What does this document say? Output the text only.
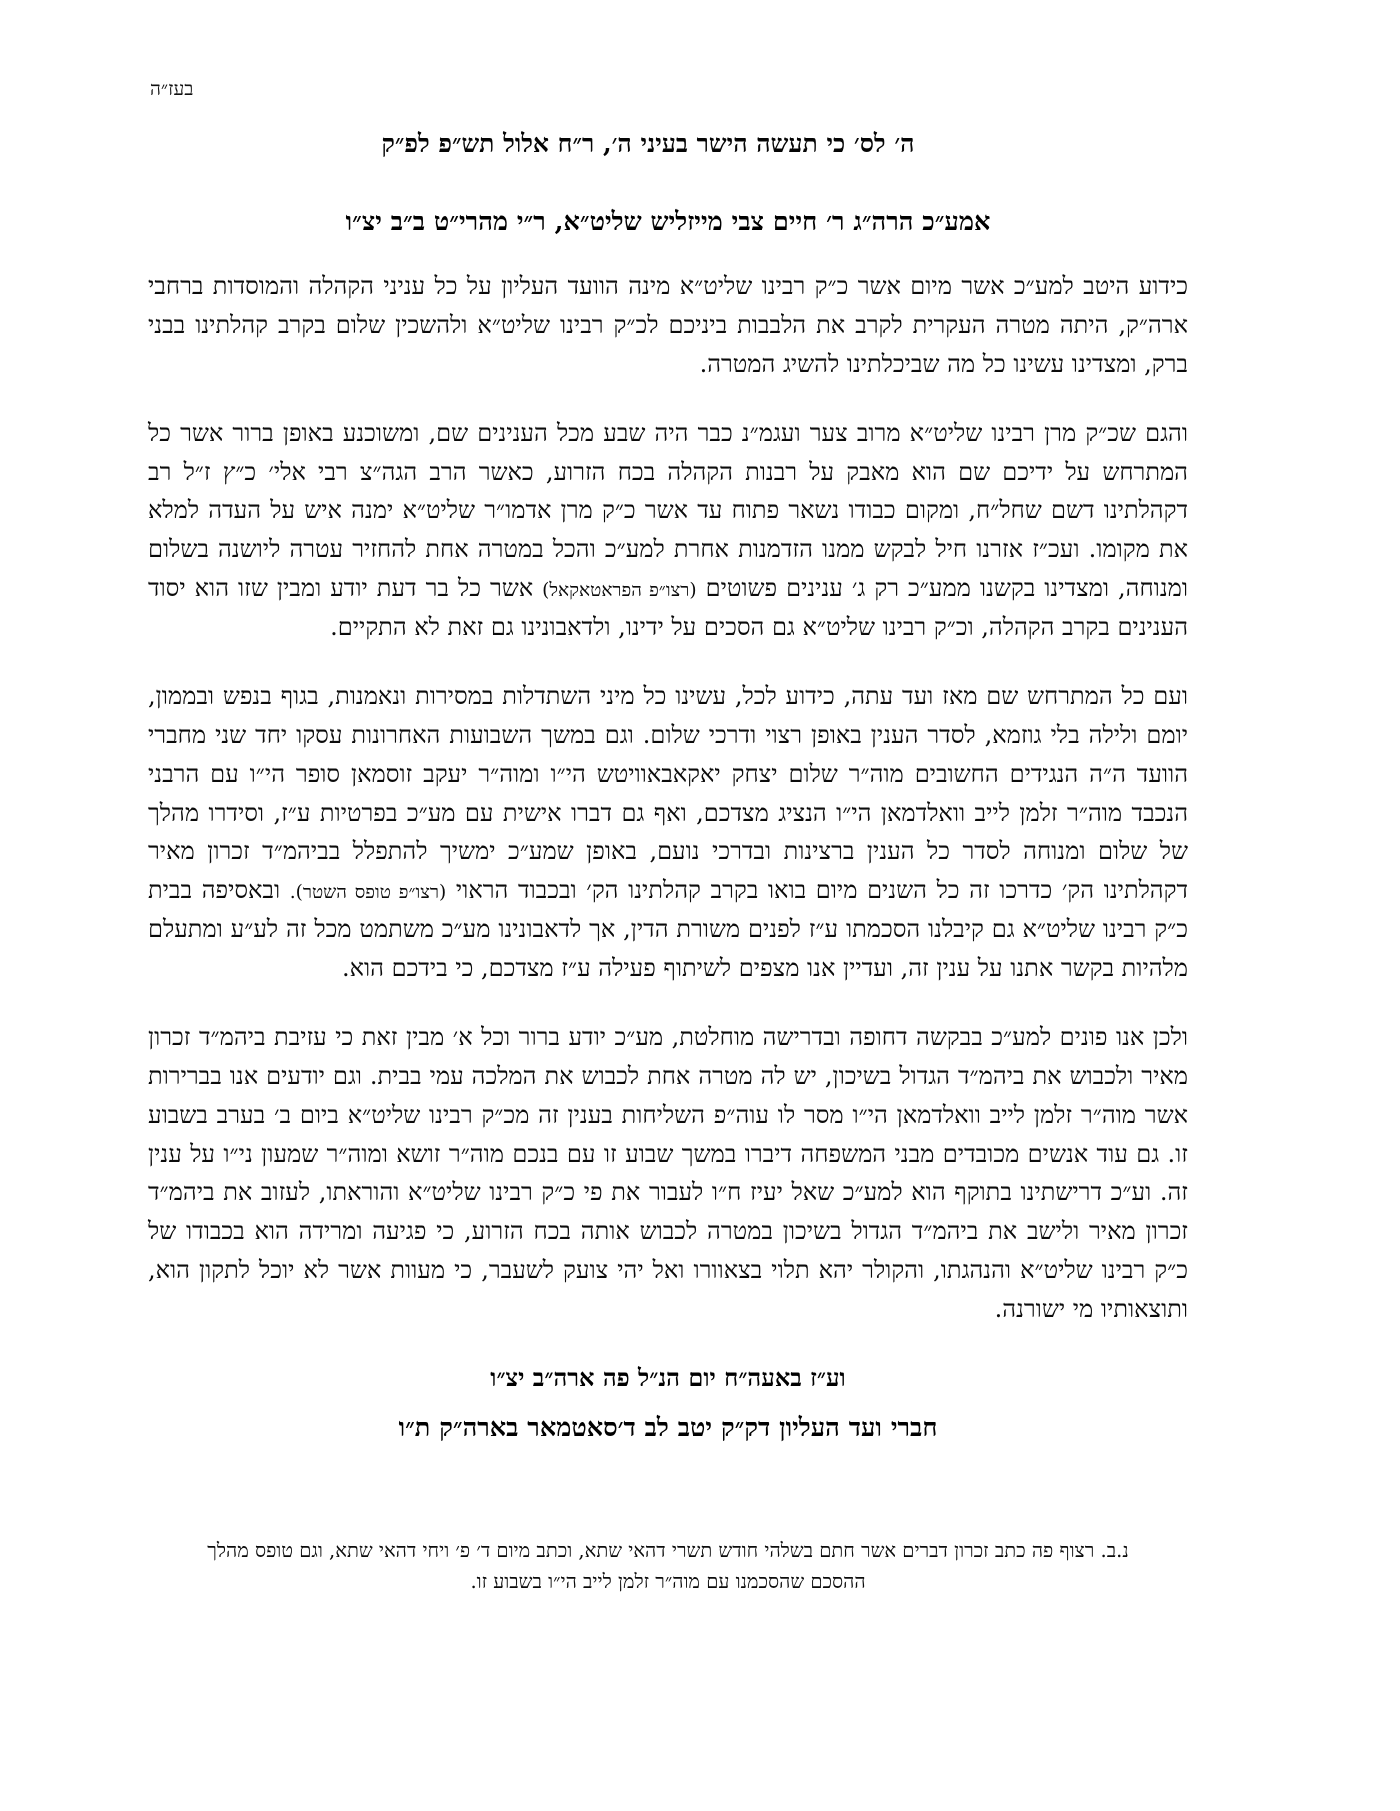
בעז״ה
ה׳ לס׳ כי תעשה הישר בעיני ה׳, ר״ח אלול תש״פ לפ״ק
אמע״כ הרה״ג ר׳ חיים צבי מייזליש שליט״א, ר״י מהרי״ט ב״ב יצ״ו

כידוע היטב למע״כ אשר מיום אשר כ״ק רבינו שליט״א מינה הוועד העליון על כל עניני הקהלה והמוסדות ברחבי ארה״ק, היתה מטרה העקרית לקרב את הלבבות ביניכם לכ״ק רבינו שליט״א ולהשכין שלום בקרב קהלתינו בבני ברק, ומצדינו עשינו כל מה שביכלתינו להשיג המטרה.

והגם שכ״ק מרן רבינו שליט״א מרוב צער ועגמ״נ כבר היה שבע מכל הענינים שם, ומשוכנע באופן ברור אשר כל המתרחש על ידיכם שם הוא מאבק על רבנות הקהלה בכח הזרוע, כאשר הרב הגה״צ רבי אלי׳ כ״ץ ז״ל רב דקהלתינו דשם שחל״ח, ומקום כבודו נשאר פתוח עד אשר כ״ק מרן אדמו״ר שליט״א ימנה איש על העדה למלא את מקומו. ועכ״ז אזרנו חיל לבקש ממנו הזדמנות אחרת למע״כ והכל במטרה אחת להחזיר עטרה ליושנה בשלום ומנוחה, ומצדינו בקשנו ממע״כ רק ג׳ ענינים פשוטים (רצו״פ הפראטאקאל) אשר כל בר דעת יודע ומבין שזו הוא יסוד הענינים בקרב הקהלה, וכ״ק רבינו שליט״א גם הסכים על ידינו, ולדאבונינו גם זאת לא התקיים.

ועם כל המתרחש שם מאז ועד עתה, כידוע לכל, עשינו כל מיני השתדלות במסירות ונאמנות, בגוף בנפש ובממון, יומם ולילה בלי גוזמא, לסדר הענין באופן רצוי ודרכי שלום. וגם במשך השבועות האחרונות עסקו יחד שני מחברי הוועד ה״ה הנגידים החשובים מוה״ר שלום יצחק יאקאבאוויטש הי״ו ומוה״ר יעקב זוסמאן סופר הי״ו עם הרבני הנכבד מוה״ר זלמן לייב וואלדמאן הי״ו הנציג מצדכם, ואף גם דברו אישית עם מע״כ בפרטיות ע״ז, וסידרו מהלך של שלום ומנוחה לסדר כל הענין ברצינות ובדרכי נועם, באופן שמע״כ ימשיך להתפלל בביהמ״ד זכרון מאיר דקהלתינו הק׳ כדרכו זה כל השנים מיום בואו בקרב קהלתינו הק׳ ובכבוד הראוי (רצו״פ טופס השטר). ובאסיפה בבית כ״ק רבינו שליט״א גם קיבלנו הסכמתו ע״ז לפנים משורת הדין, אך לדאבונינו מע״כ משתמט מכל זה לע״ע ומתעלם מלהיות בקשר אתנו על ענין זה, ועדיין אנו מצפים לשיתוף פעילה ע״ז מצדכם, כי בידכם הוא.

ולכן אנו פונים למע״כ בבקשה דחופה ובדרישה מוחלטת, מע״כ יודע ברור וכל א׳ מבין זאת כי עזיבת ביהמ״ד זכרון מאיר ולכבוש את ביהמ״ד הגדול בשיכון, יש לה מטרה אחת לכבוש את המלכה עמי בבית. וגם יודעים אנו בברירות אשר מוה״ר זלמן לייב וואלדמאן הי״ו מסר לו עוה״פ השליחות בענין זה מכ״ק רבינו שליט״א ביום ב׳ בערב בשבוע זו. גם עוד אנשים מכובדים מבני המשפחה דיברו במשך שבוע זו עם בנכם מוה״ר זושא ומוה״ר שמעון ני״ו על ענין זה. וע״כ דרישתינו בתוקף הוא למע״כ שאל יעיז ח״ו לעבור את פי כ״ק רבינו שליט״א והוראתו, לעזוב את ביהמ״ד זכרון מאיר ולישב את ביהמ״ד הגדול בשיכון במטרה לכבוש אותה בכח הזרוע, כי פגיעה ומרידה הוא בכבודו של כ״ק רבינו שליט״א והנהגתו, והקולר יהא תלוי בצאוורו ואל יהי צועק לשעבר, כי מעוות אשר לא יוכל לתקון הוא, ותוצאותיו מי ישורנה.

וע״ז באעה״ח יום הנ״ל פה ארה״ב יצ״ו
חברי ועד העליון דק״ק יטב לב ד׳סאטמאר בארה״ק ת״ו
נ.ב. רצוף פה כתב זכרון דברים אשר חתם בשלהי חודש תשרי דהאי שתא, וכתב מיום ד׳ פ׳ ויחי דהאי שתא, וגם טופס מהלך ההסכם שהסכמנו עם מוה״ר זלמן לייב הי״ו בשבוע זו.
